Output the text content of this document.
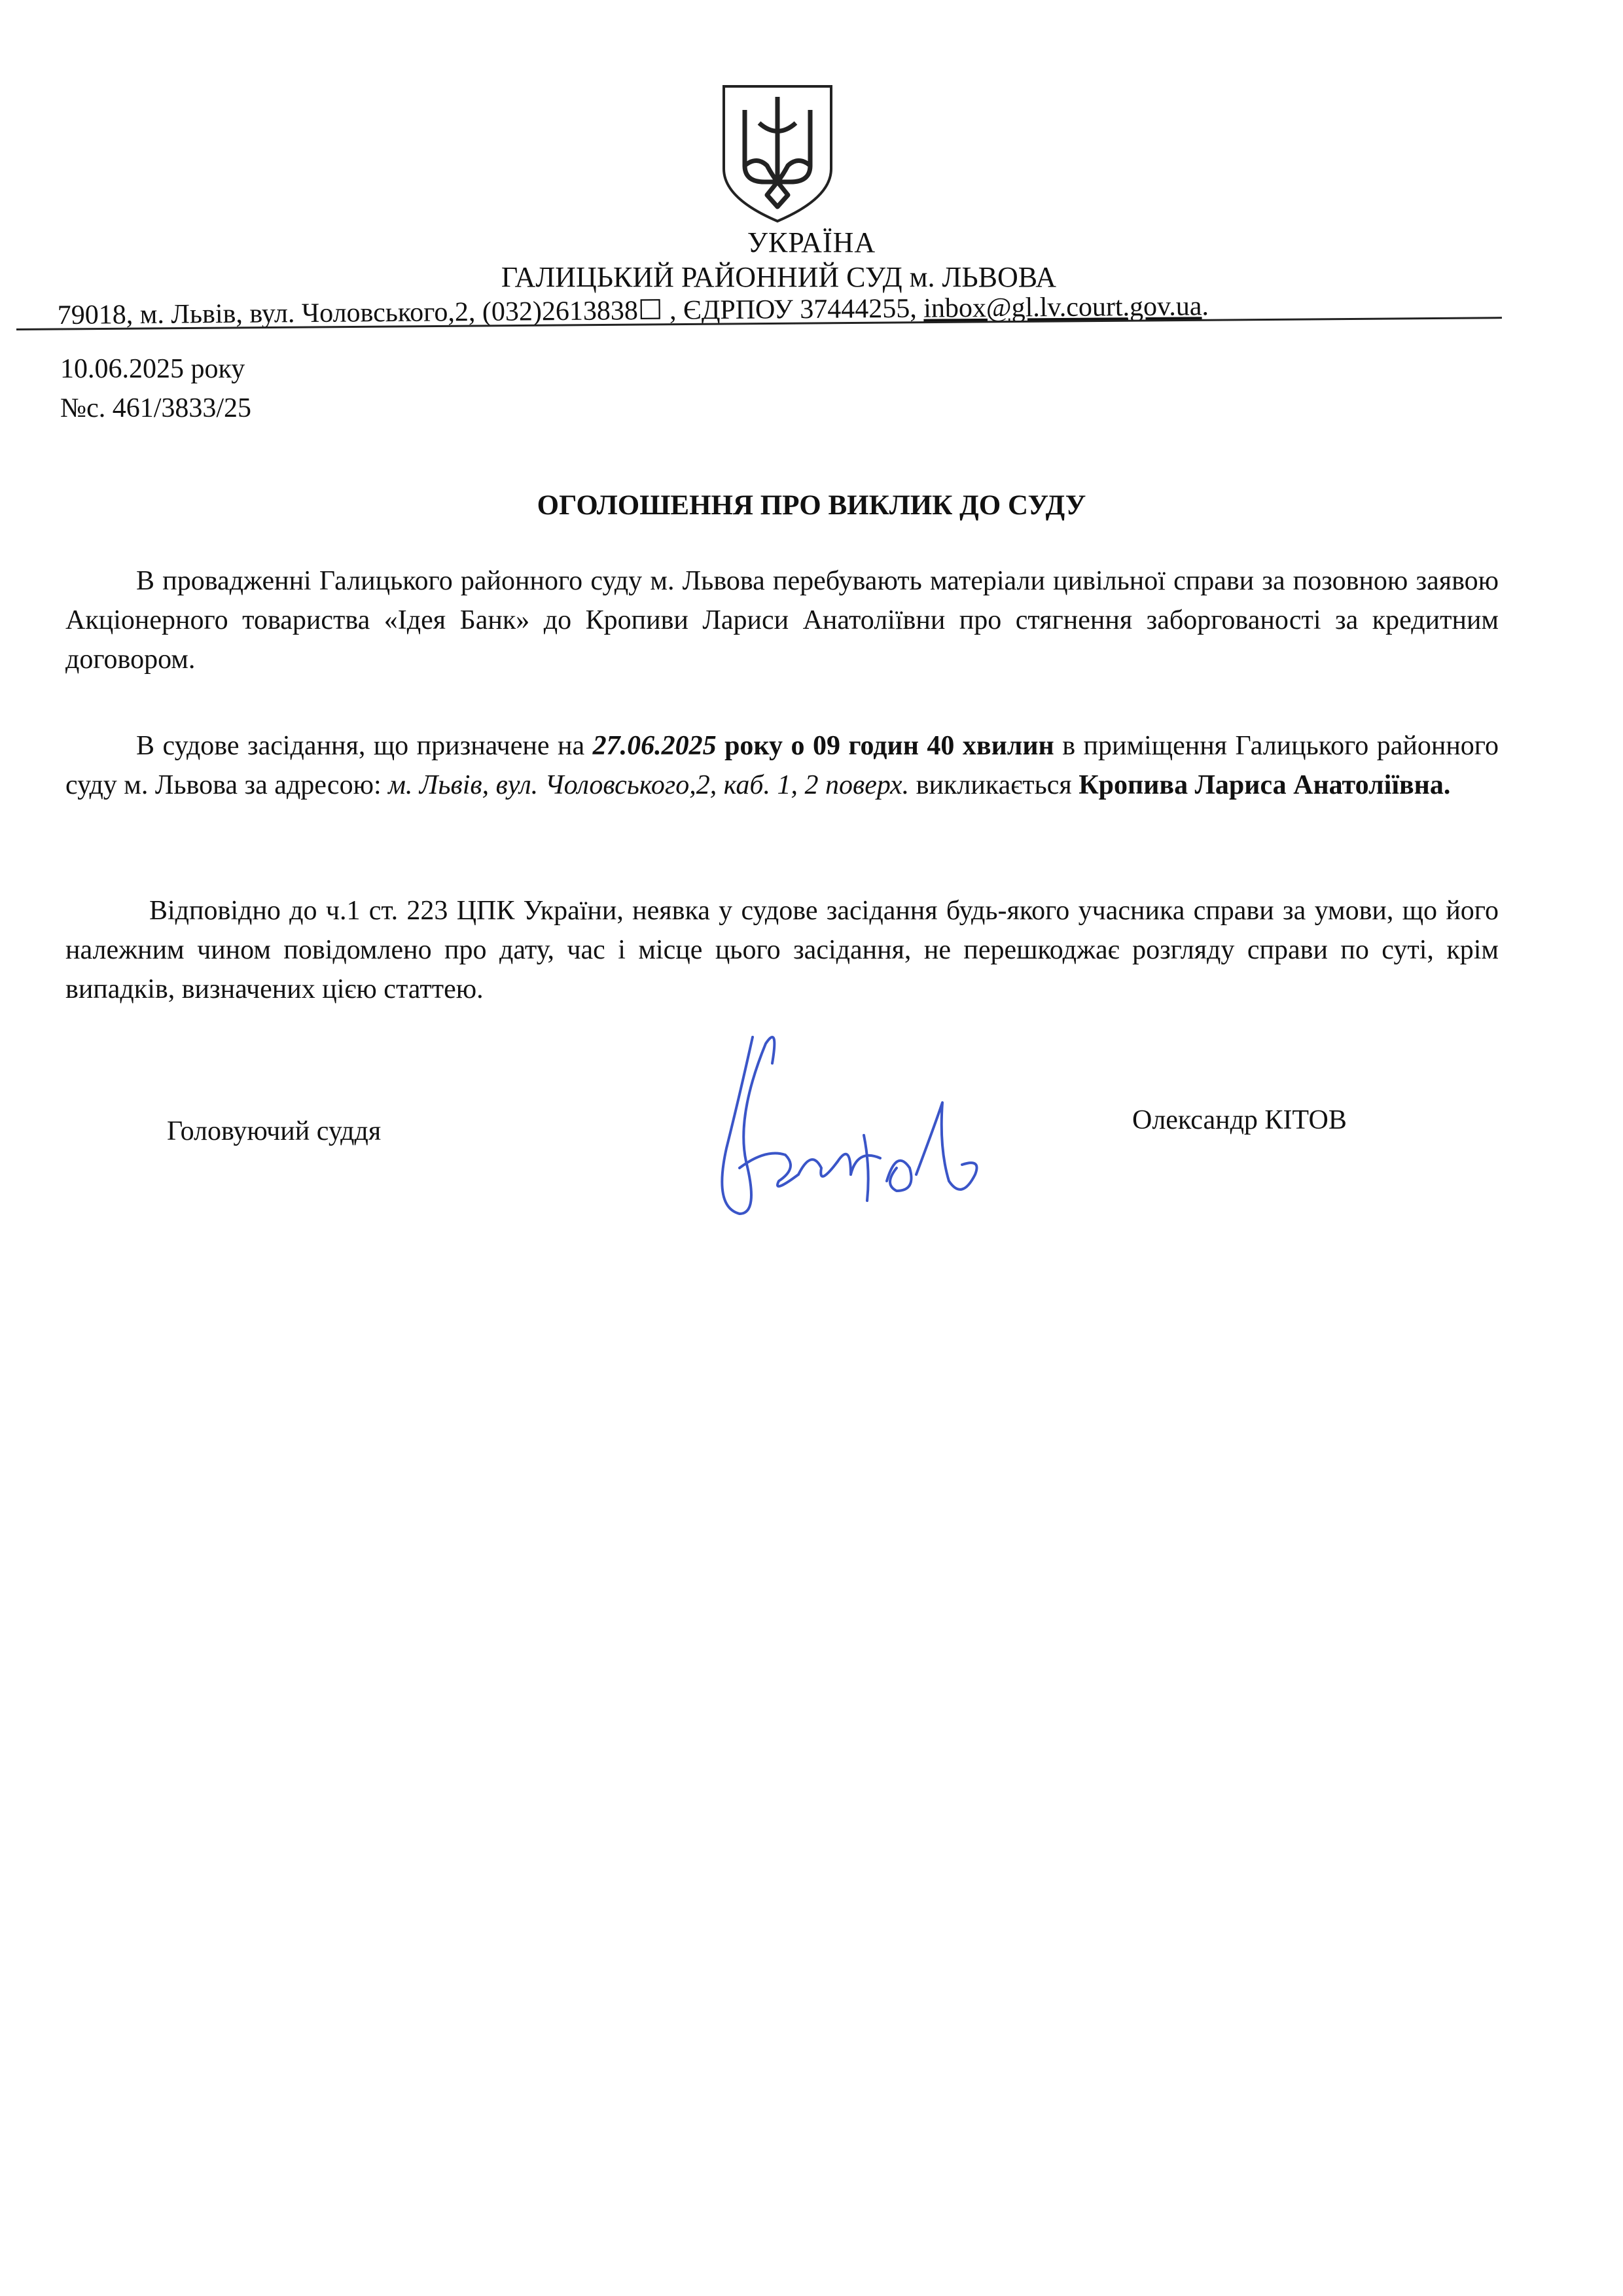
УКРАЇНА
ГАЛИЦЬКИЙ РАЙОННИЙ СУД м. ЛЬВОВА
79018, м. Львів, вул. Чоловського,2, (032)2613838☐ , ЄДРПОУ 37444255, inbox@gl.lv.court.gov.ua.
10.06.2025 року
№с. 461/3833/25
ОГОЛОШЕННЯ ПРО ВИКЛИК ДО СУДУ
В провадженні Галицького районного суду м. Львова перебувають матеріали цивільної справи за позовною заявою Акціонерного товариства «Ідея Банк» до Кропиви Лариси Анатоліївни про стягнення заборгованості за кредитним договором.
В судове засідання, що призначене на 27.06.2025 року о 09 годин 40 хвилин в приміщення Галицького районного суду м. Львова за адресою: м. Львів, вул. Чоловського,2, каб. 1, 2 поверх. викликається Кропива Лариса Анатоліївна.
Відповідно до ч.1 ст. 223 ЦПК України, неявка у судове засідання будь-якого учасника справи за умови, що його належним чином повідомлено про дату, час і місце цього засідання, не перешкоджає розгляду справи по суті, крім випадків, визначених цією статтею.
Головуючий суддя	Олександр КІТОВ
